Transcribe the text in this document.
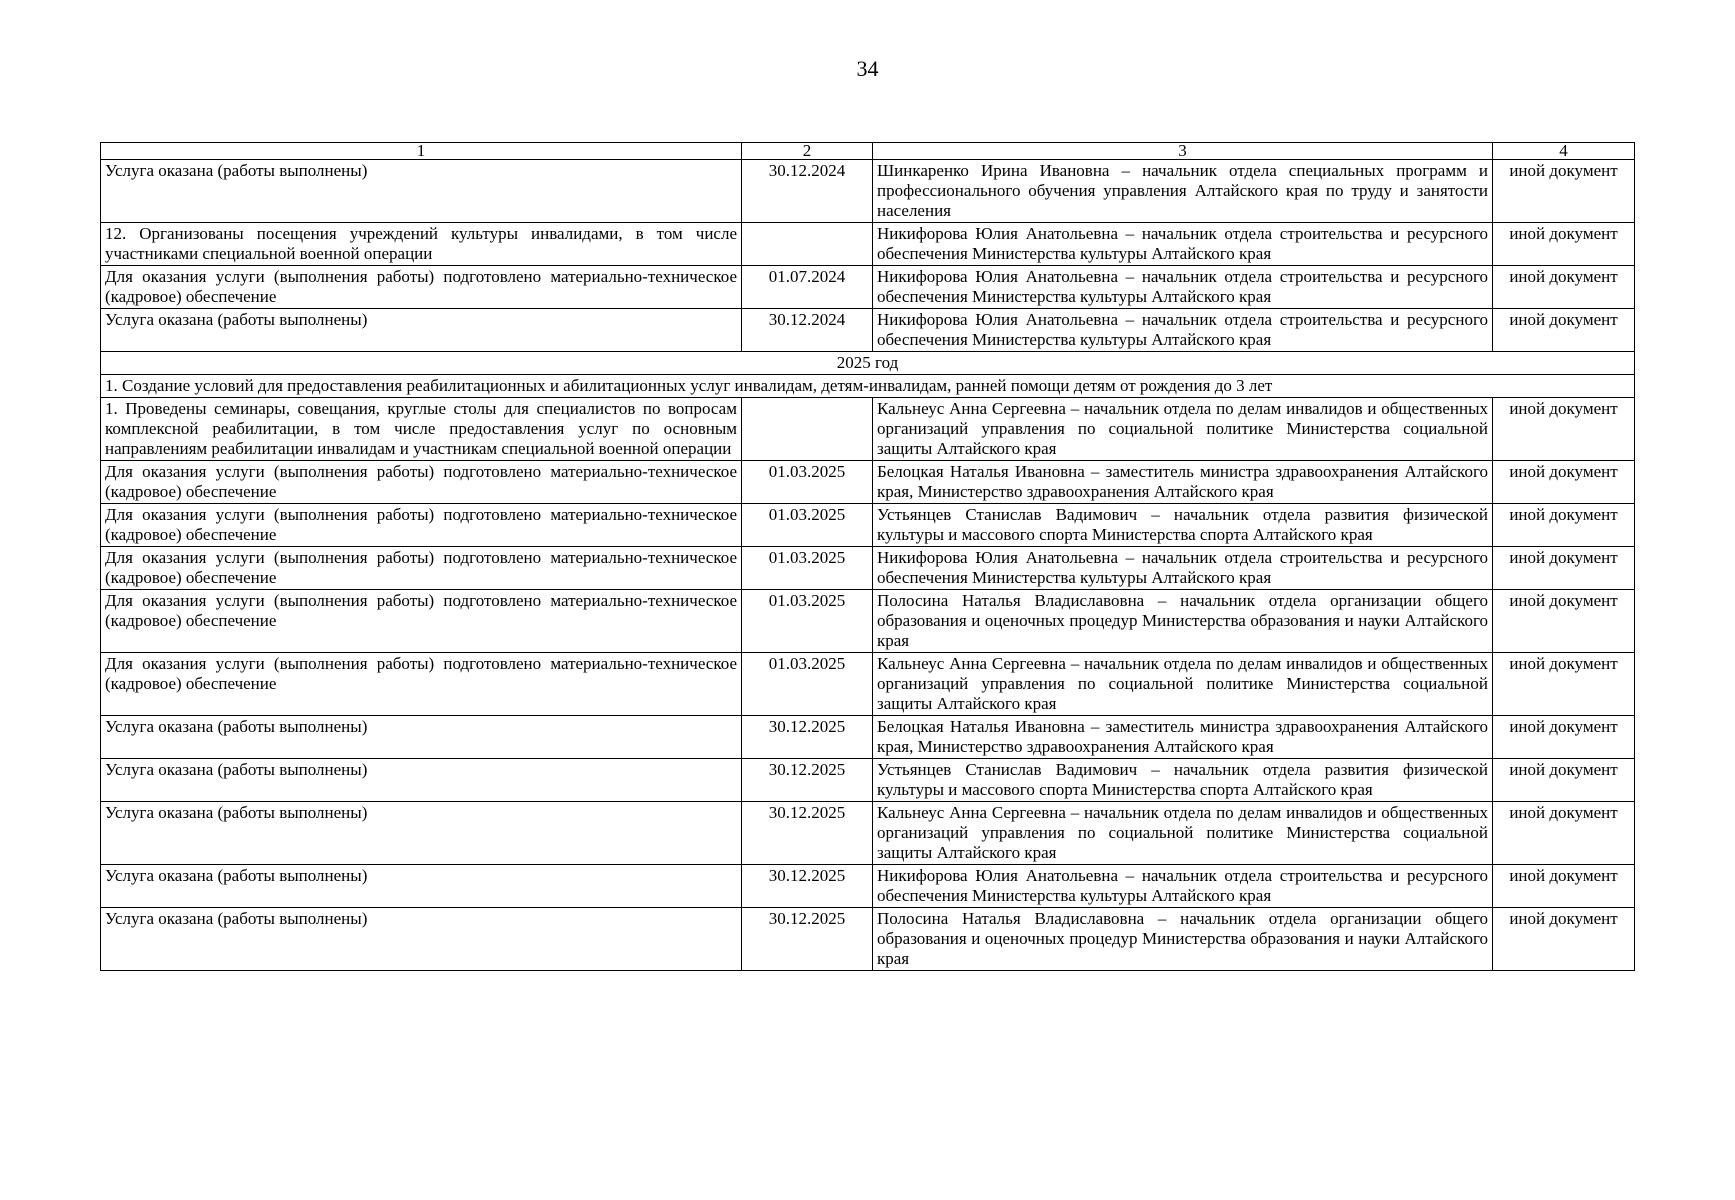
34
1	2	3	4
Услуга оказана (работы выполнены)	30.12.2024	Шинкаренко Ирина Ивановна – начальник отдела специальных программ и профессионального обучения управления Алтайского края по труду и занятости населения	иной документ
12. Организованы посещения учреждений культуры инвалидами, в том числе участниками специальной военной операции		Никифорова Юлия Анатольевна – начальник отдела строительства и ресурсного обеспечения Министерства культуры Алтайского края	иной документ
Для оказания услуги (выполнения работы) подготовлено материально-техническое (кадровое) обеспечение	01.07.2024	Никифорова Юлия Анатольевна – начальник отдела строительства и ресурсного обеспечения Министерства культуры Алтайского края	иной документ
Услуга оказана (работы выполнены)	30.12.2024	Никифорова Юлия Анатольевна – начальник отдела строительства и ресурсного обеспечения Министерства культуры Алтайского края	иной документ
2025 год			
1. Создание условий для предоставления реабилитационных и абилитационных услуг инвалидам, детям-инвалидам, ранней помощи детям от рождения до 3 лет			
1. Проведены семинары, совещания, круглые столы для специалистов по вопросам комплексной реабилитации, в том числе предоставления услуг по основным направлениям реабилитации инвалидам и участникам специальной военной операции		Кальнеус Анна Сергеевна – начальник отдела по делам инвалидов и общественных организаций управления по социальной политике Министерства социальной защиты Алтайского края	иной документ
Для оказания услуги (выполнения работы) подготовлено материально-техническое (кадровое) обеспечение	01.03.2025	Белоцкая Наталья Ивановна – заместитель министра здравоохранения Алтайского края, Министерство здравоохранения Алтайского края	иной документ
Для оказания услуги (выполнения работы) подготовлено материально-техническое (кадровое) обеспечение	01.03.2025	Устьянцев Станислав Вадимович – начальник отдела развития физической культуры и массового спорта Министерства спорта Алтайского края	иной документ
Для оказания услуги (выполнения работы) подготовлено материально-техническое (кадровое) обеспечение	01.03.2025	Никифорова Юлия Анатольевна – начальник отдела строительства и ресурсного обеспечения Министерства культуры Алтайского края	иной документ
Для оказания услуги (выполнения работы) подготовлено материально-техническое (кадровое) обеспечение	01.03.2025	Полосина Наталья Владиславовна – начальник отдела организации общего образования и оценочных процедур Министерства образования и науки Алтайского края	иной документ
Для оказания услуги (выполнения работы) подготовлено материально-техническое (кадровое) обеспечение	01.03.2025	Кальнеус Анна Сергеевна – начальник отдела по делам инвалидов и общественных организаций управления по социальной политике Министерства социальной защиты Алтайского края	иной документ
Услуга оказана (работы выполнены)	30.12.2025	Белоцкая Наталья Ивановна – заместитель министра здравоохранения Алтайского края, Министерство здравоохранения Алтайского края	иной документ
Услуга оказана (работы выполнены)	30.12.2025	Устьянцев Станислав Вадимович – начальник отдела развития физической культуры и массового спорта Министерства спорта Алтайского края	иной документ
Услуга оказана (работы выполнены)	30.12.2025	Кальнеус Анна Сергеевна – начальник отдела по делам инвалидов и общественных организаций управления по социальной политике Министерства социальной защиты Алтайского края	иной документ
Услуга оказана (работы выполнены)	30.12.2025	Никифорова Юлия Анатольевна – начальник отдела строительства и ресурсного обеспечения Министерства культуры Алтайского края	иной документ
Услуга оказана (работы выполнены)	30.12.2025	Полосина Наталья Владиславовна – начальник отдела организации общего образования и оценочных процедур Министерства образования и науки Алтайского края	иной документ
